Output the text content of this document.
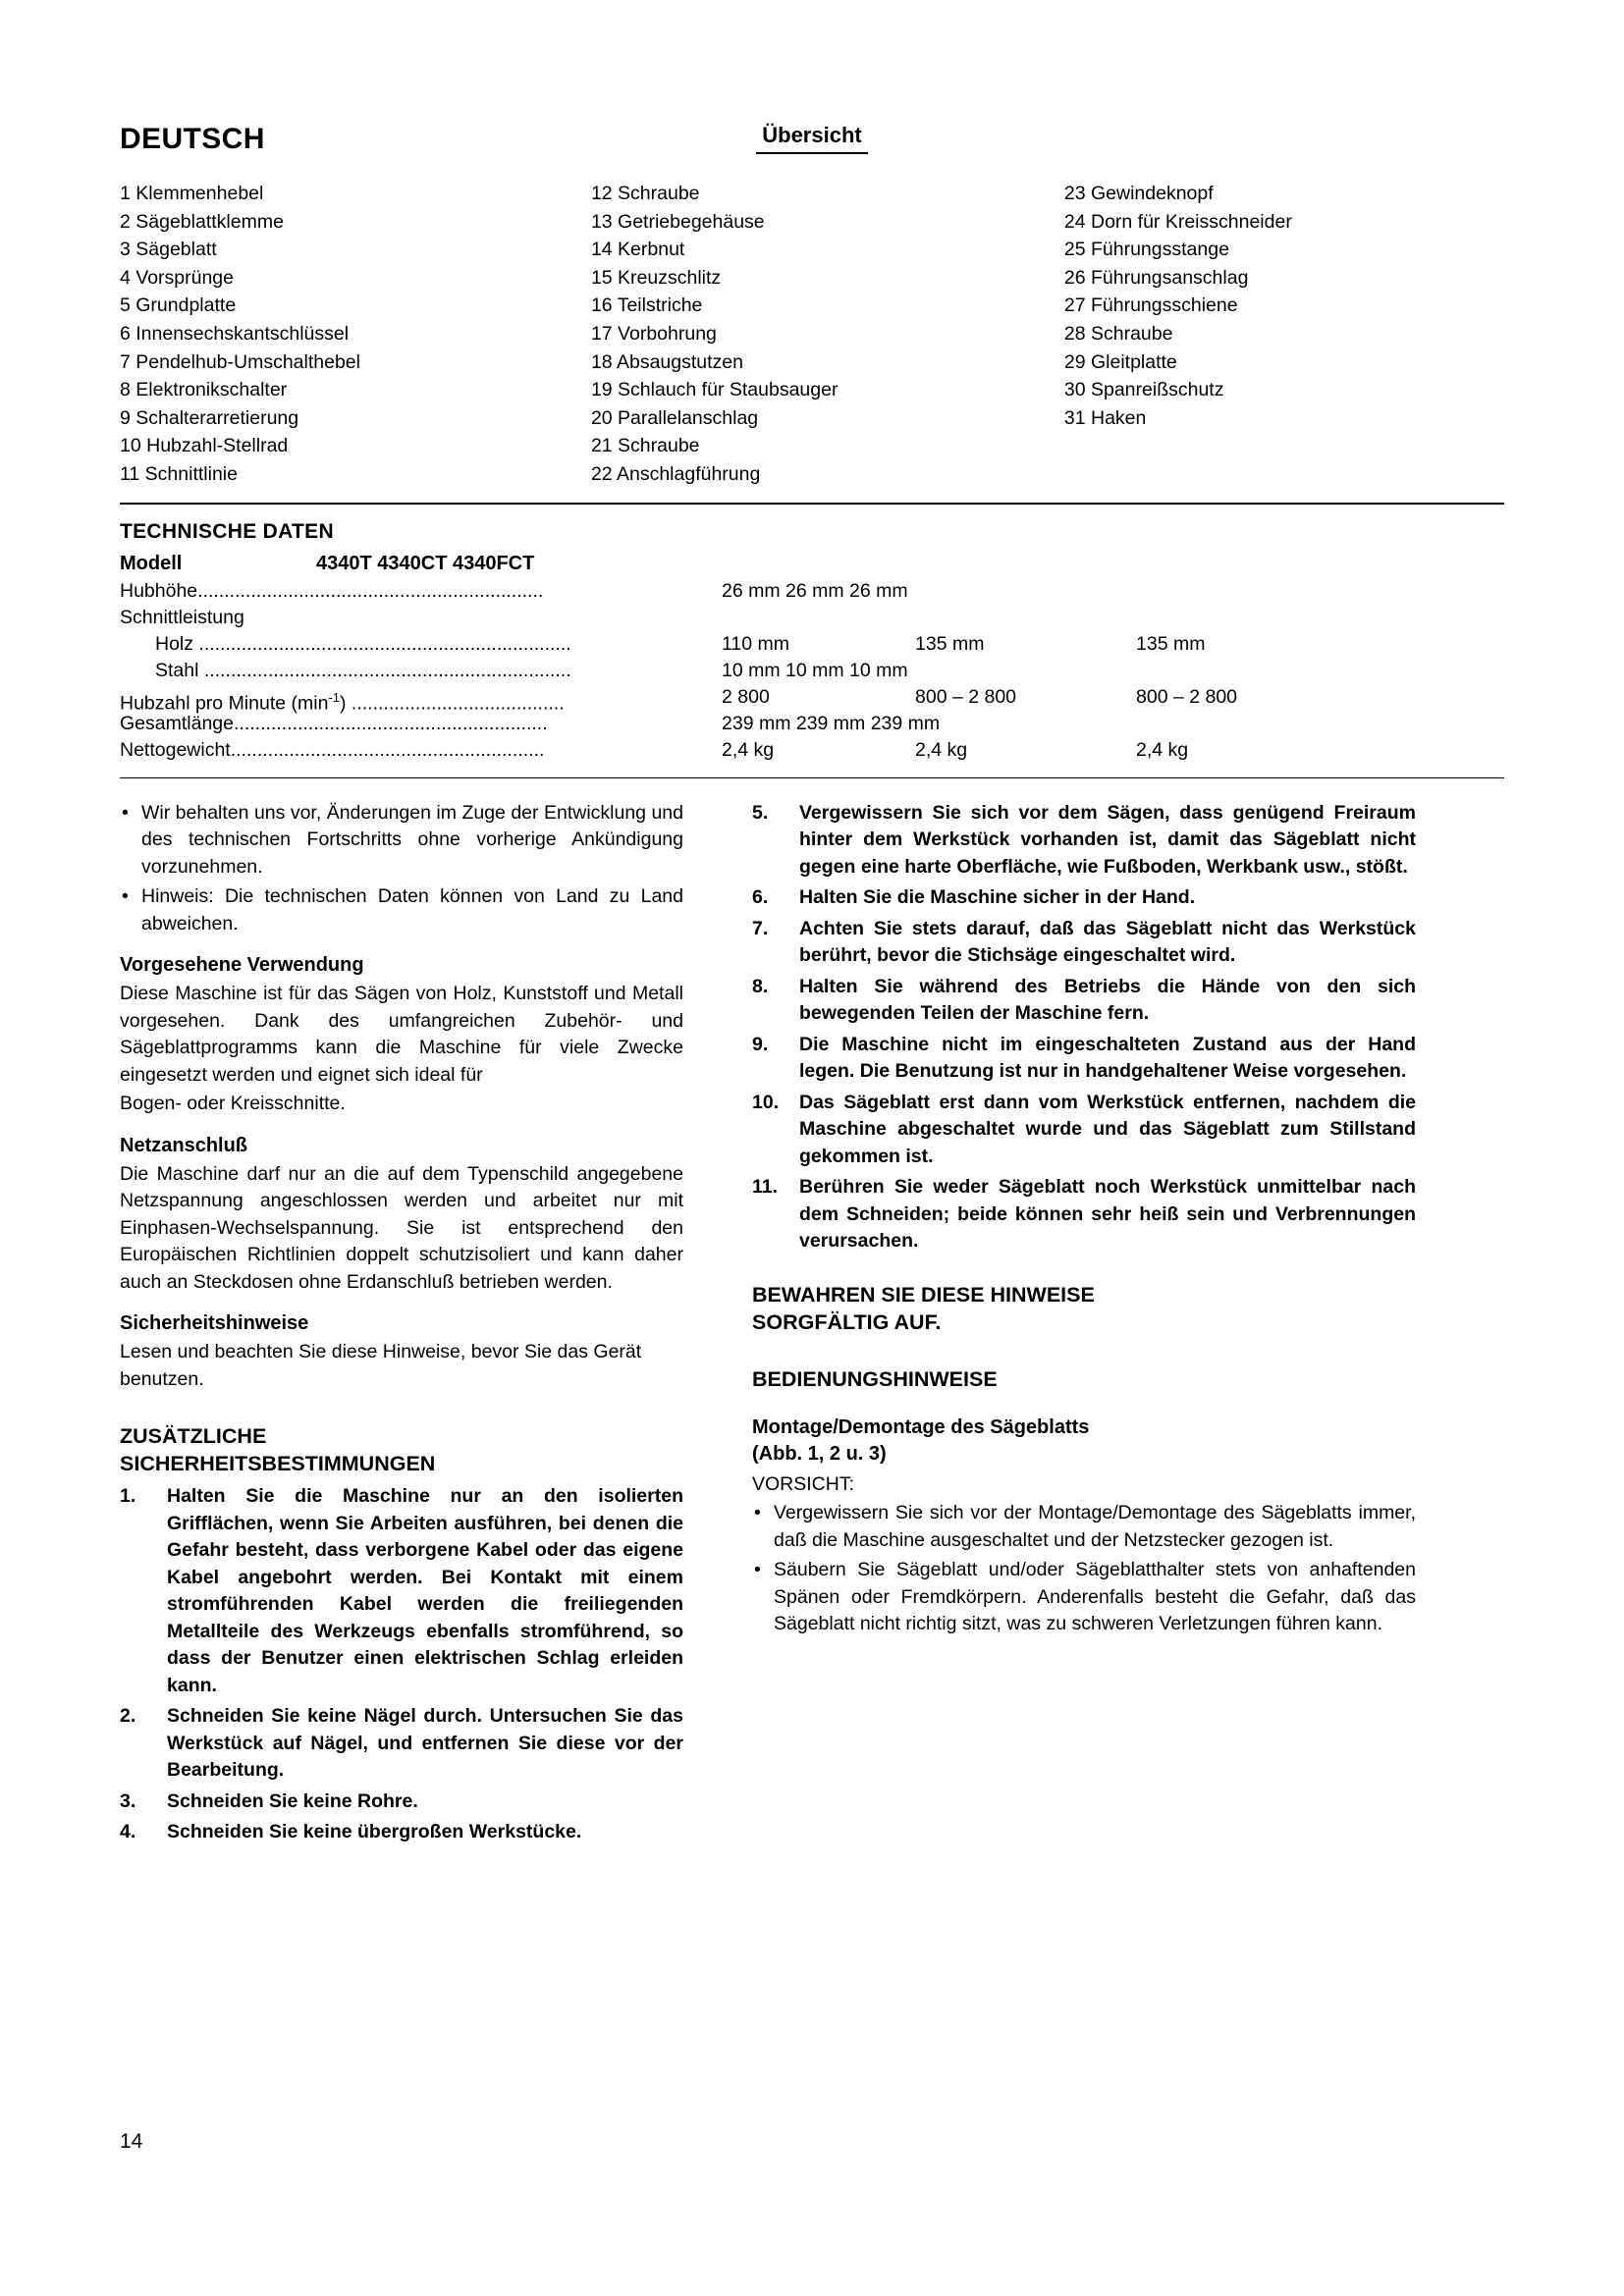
DEUTSCH	Übersicht
1 Klemmenhebel
2 Sägeblattklemme
3 Sägeblatt
4 Vorsprünge
5 Grundplatte
6 Innensechskantschlüssel
7 Pendelhub-Umschalthebel
8 Elektronikschalter
9 Schalterarretierung
10 Hubzahl-Stellrad
11 Schnittlinie
12 Schraube
13 Getriebegehäuse
14 Kerbnut
15 Kreuzschlitz
16 Teilstriche
17 Vorbohrung
18 Absaugstutzen
19 Schlauch für Staubsauger
20 Parallelanschlag
21 Schraube
22 Anschlagführung
23 Gewindeknopf
24 Dorn für Kreisschneider
25 Führungsstange
26 Führungsanschlag
27 Führungsschiene
28 Schraube
29 Gleitplatte
30 Spanreißschutz
31 Haken
TECHNISCHE DATEN
Modell	4340T 4340CT 4340FCT
Hubhöhe.................................................................	26 mm 26 mm 26 mm
Schnittleistung
Holz ......................................................................	110 mm	135 mm	135 mm
Stahl .....................................................................	10 mm 10 mm 10 mm
Hubzahl pro Minute $(\min^{-1})$ ........................................	2 800	800 – 2 800	800 – 2 800
Gesamtlänge...........................................................	239 mm 239 mm 239 mm
Nettogewicht...........................................................	2,4 kg	2,4 kg	2,4 kg
• Wir behalten uns vor, Änderungen im Zuge der Entwicklung und des technischen Fortschritts ohne vorherige Ankündigung vorzunehmen.
• Hinweis: Die technischen Daten können von Land zu Land abweichen.
Vorgesehene Verwendung

Diese Maschine ist für das Sägen von Holz, Kunststoff und Metall vorgesehen. Dank des umfangreichen Zubehör- und Sägeblattprogramms kann die Maschine für viele Zwecke eingesetzt werden und eignet sich ideal für

Bogen- oder Kreisschnitte.

Netzanschluß

Die Maschine darf nur an die auf dem Typenschild angegebene Netzspannung angeschlossen werden und arbeitet nur mit Einphasen-Wechselspannung. Sie ist entsprechend den Europäischen Richtlinien doppelt schutzisoliert und kann daher auch an Steckdosen ohne Erdanschluß betrieben werden.

Sicherheitshinweise

Lesen und beachten Sie diese Hinweise, bevor Sie das Gerät benutzen.

ZUSÄTZLICHE
SICHERHEITSBESTIMMUNGEN
1.	Halten Sie die Maschine nur an den isolierten Grifflächen, wenn Sie Arbeiten ausführen, bei denen die Gefahr besteht, dass verborgene Kabel oder das eigene Kabel angebohrt werden. Bei Kontakt mit einem stromführenden Kabel werden die freiliegenden Metallteile des Werkzeugs ebenfalls stromführend, so dass der Benutzer einen elektrischen Schlag erleiden kann.
2.	Schneiden Sie keine Nägel durch. Untersuchen Sie das Werkstück auf Nägel, und entfernen Sie diese vor der Bearbeitung.
3.	Schneiden Sie keine Rohre.
4.	Schneiden Sie keine übergroßen Werkstücke.
5.	Vergewissern Sie sich vor dem Sägen, dass genügend Freiraum hinter dem Werkstück vorhanden ist, damit das Sägeblatt nicht gegen eine harte Oberfläche, wie Fußboden, Werkbank usw., stößt.
6.	Halten Sie die Maschine sicher in der Hand.
7.	Achten Sie stets darauf, daß das Sägeblatt nicht das Werkstück berührt, bevor die Stichsäge eingeschaltet wird.
8.	Halten Sie während des Betriebs die Hände von den sich bewegenden Teilen der Maschine fern.
9.	Die Maschine nicht im eingeschalteten Zustand aus der Hand legen. Die Benutzung ist nur in handgehaltener Weise vorgesehen.
10.	Das Sägeblatt erst dann vom Werkstück entfernen, nachdem die Maschine abgeschaltet wurde und das Sägeblatt zum Stillstand gekommen ist.
11.	Berühren Sie weder Sägeblatt noch Werkstück unmittelbar nach dem Schneiden; beide können sehr heiß sein und Verbrennungen verursachen.
BEWAHREN SIE DIESE HINWEISE
SORGFÄLTIG AUF.
BEDIENUNGSHINWEISE
Montage/Demontage des Sägeblatts
(Abb. 1, 2 u. 3)

VORSICHT:

• Vergewissern Sie sich vor der Montage/Demontage des Sägeblatts immer, daß die Maschine ausgeschaltet und der Netzstecker gezogen ist.
• Säubern Sie Sägeblatt und/oder Sägeblatthalter stets von anhaftenden Spänen oder Fremdkörpern. Anderenfalls besteht die Gefahr, daß das Sägeblatt nicht richtig sitzt, was zu schweren Verletzungen führen kann.
14
